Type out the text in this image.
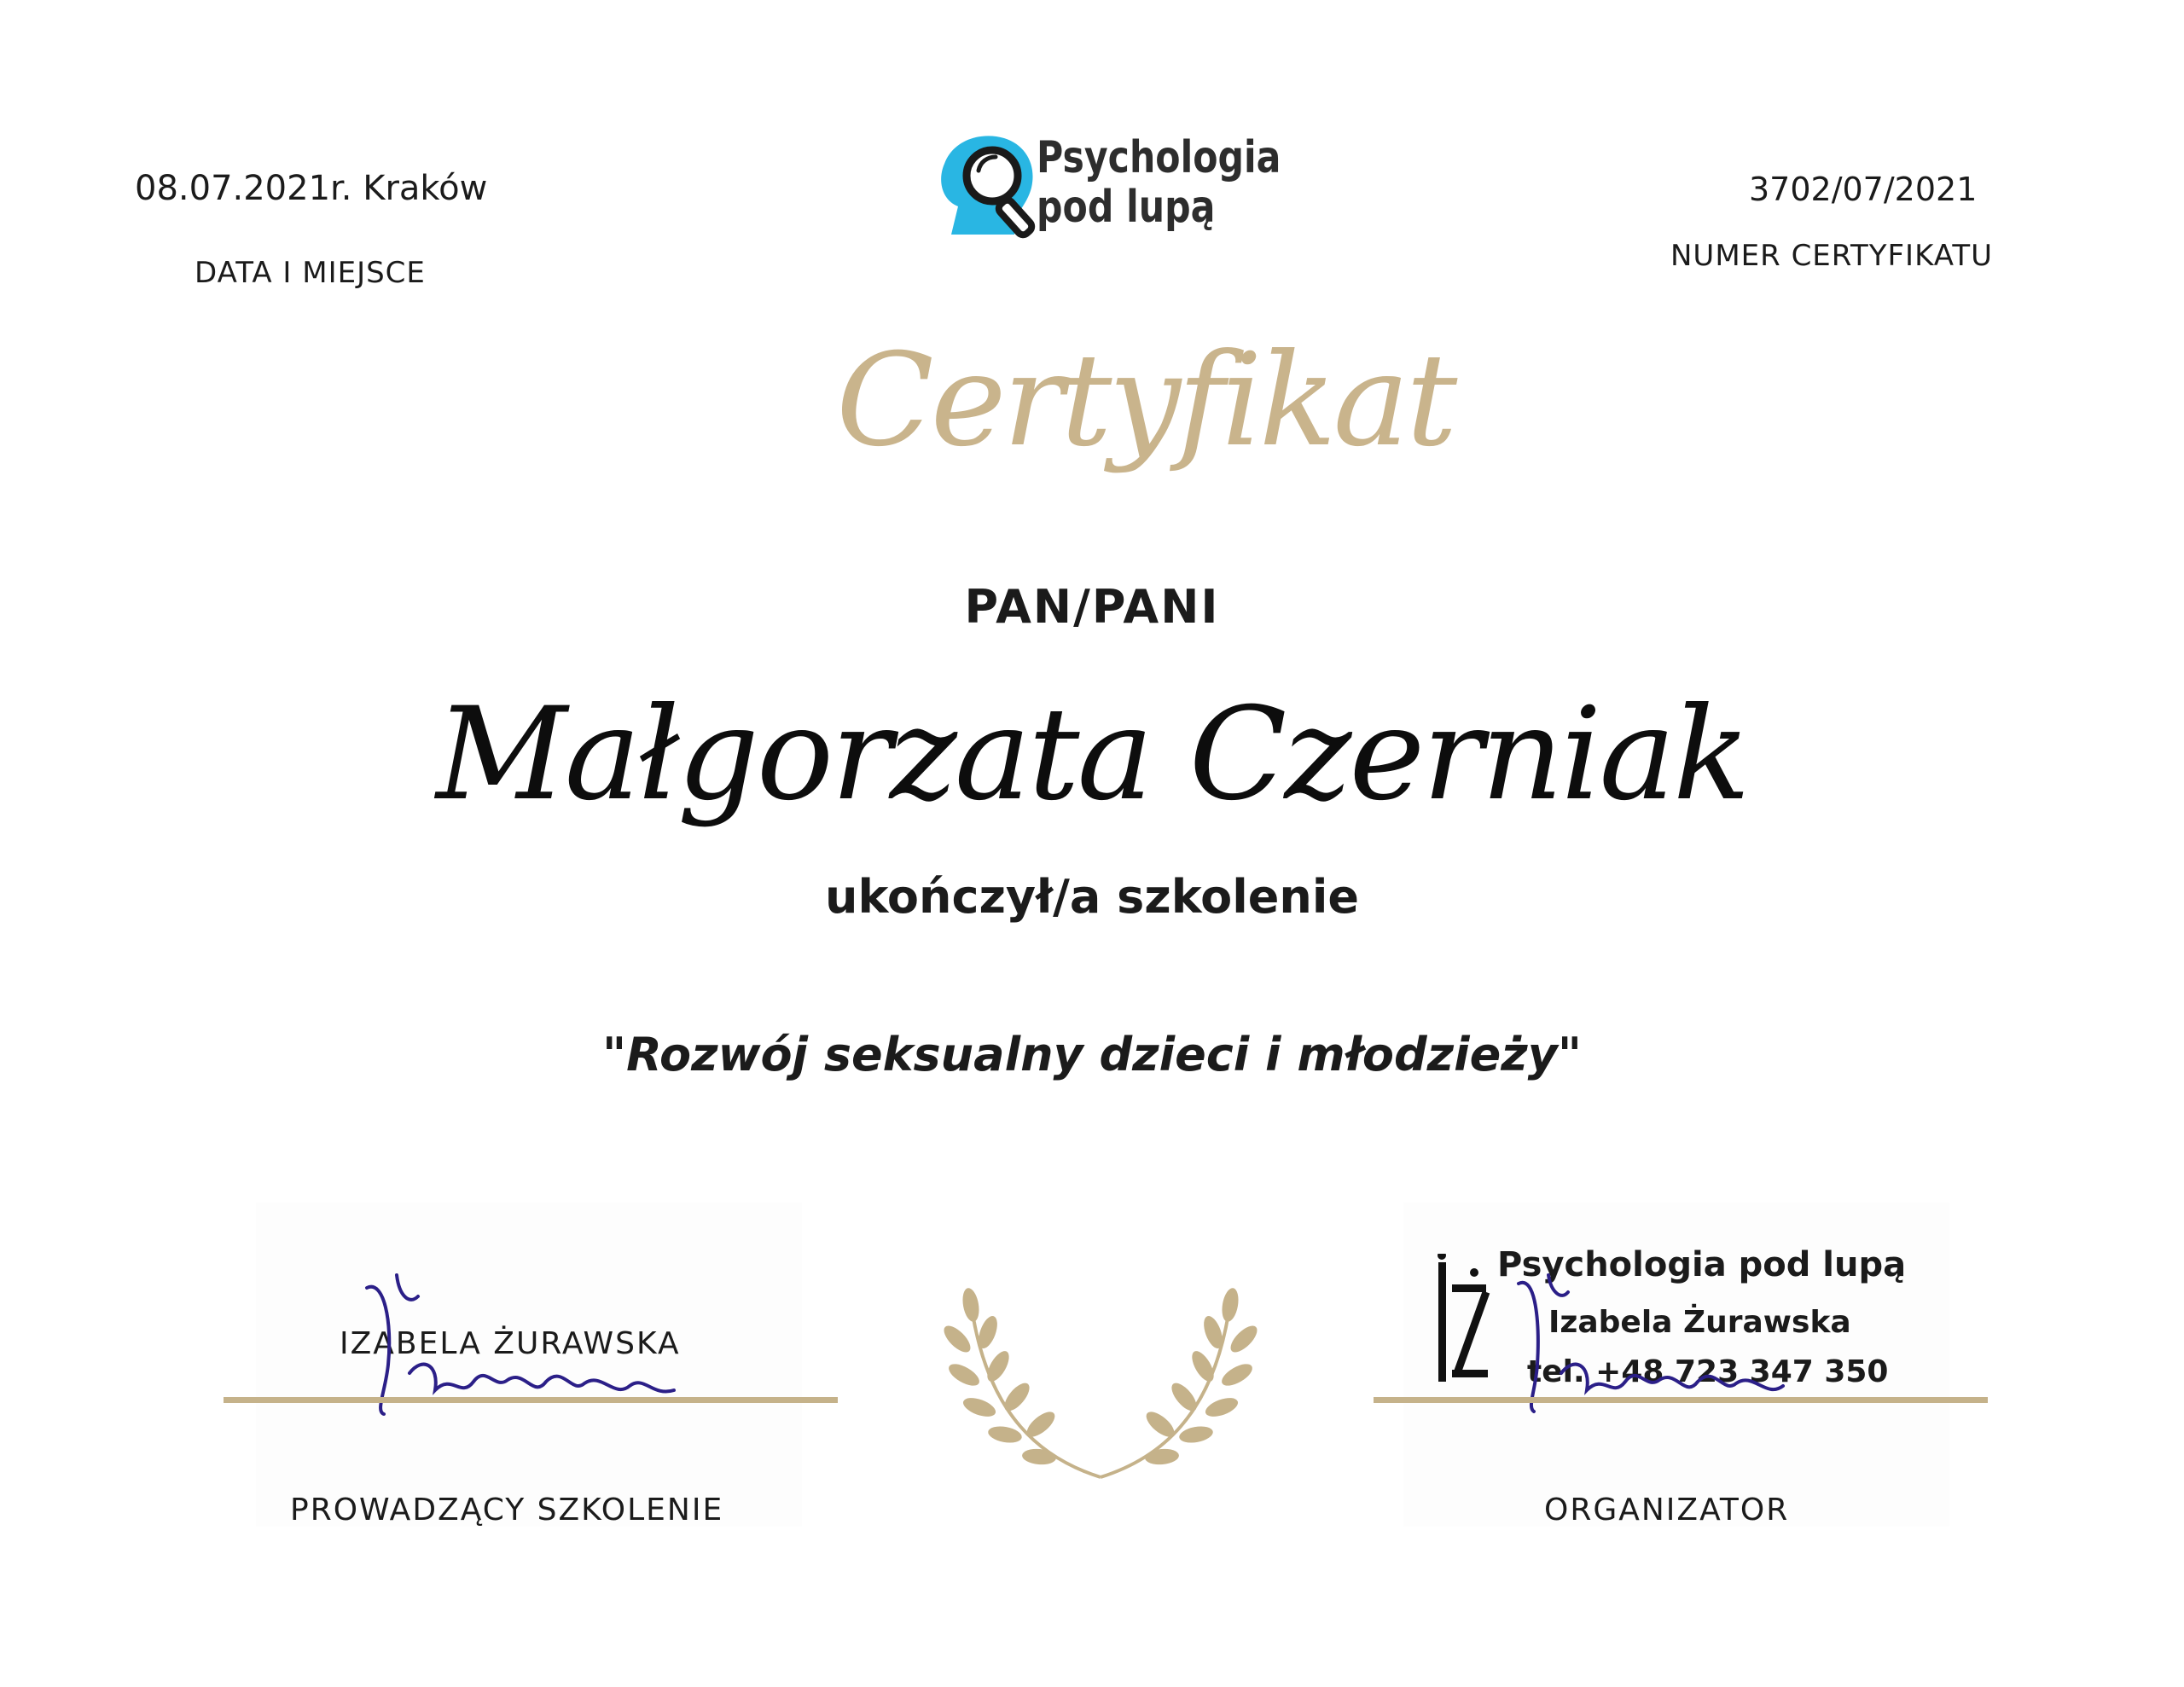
08.07.2021r. Kraków
DATA I MIEJSCE
3702/07/2021
NUMER CERTYFIKATU
Psychologia
pod lupą
Certyfikat
PAN/PANI
Małgorzata Czerniak
ukończył/a szkolenie
"Rozwój seksualny dzieci i młodzieży"
IZABELA ŻURAWSKA
PROWADZĄCY SZKOLENIE
Psychologia pod lupą
Izabela Żurawska
tel. +48 723 347 350
ORGANIZATOR
